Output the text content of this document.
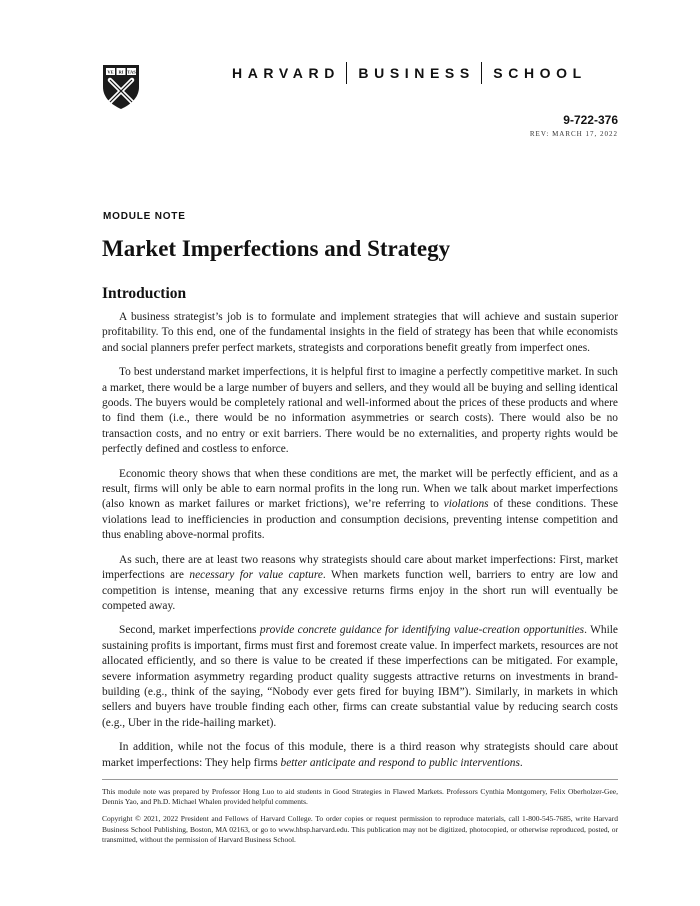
VE RI TAS	HARVARD BUSINESS SCHOOL
9-722-376
REV: MARCH 17, 2022
MODULE NOTE
Market Imperfections and Strategy
Introduction

A business strategist’s job is to formulate and implement strategies that will achieve and sustain superior profitability. To this end, one of the fundamental insights in the field of strategy has been that while economists and social planners prefer perfect markets, strategists and corporations benefit greatly from imperfect ones.

To best understand market imperfections, it is helpful first to imagine a perfectly competitive market. In such a market, there would be a large number of buyers and sellers, and they would all be buying and selling identical goods. The buyers would be completely rational and well-informed about the prices of these products and where to find them (i.e., there would be no information asymmetries or search costs). There would also be no transaction costs, and no entry or exit barriers. There would be no externalities, and property rights would be perfectly defined and costless to enforce.

Economic theory shows that when these conditions are met, the market will be perfectly efficient, and as a result, firms will only be able to earn normal profits in the long run. When we talk about market imperfections (also known as market failures or market frictions), we’re referring to violations of these conditions. These violations lead to inefficiencies in production and consumption decisions, preventing intense competition and thus enabling above-normal profits.

As such, there are at least two reasons why strategists should care about market imperfections: First, market imperfections are necessary for value capture. When markets function well, barriers to entry are low and competition is intense, meaning that any excessive returns firms enjoy in the short run will eventually be competed away.

Second, market imperfections provide concrete guidance for identifying value-creation opportunities. While sustaining profits is important, firms must first and foremost create value. In imperfect markets, resources are not allocated efficiently, and so there is value to be created if these imperfections can be mitigated. For example, severe information asymmetry regarding product quality suggests attractive returns on investments in brand-building (e.g., think of the saying, “Nobody ever gets fired for buying IBM”). Similarly, in markets in which sellers and buyers have trouble finding each other, firms can create substantial value by reducing search costs (e.g., Uber in the ride-hailing market).

In addition, while not the focus of this module, there is a third reason why strategists should care about market imperfections: They help firms better anticipate and respond to public interventions.

This module note was prepared by Professor Hong Luo to aid students in Good Strategies in Flawed Markets. Professors Cynthia Montgomery, Felix Oberholzer-Gee, Dennis Yao, and Ph.D. Michael Whalen provided helpful comments.

Copyright © 2021, 2022 President and Fellows of Harvard College. To order copies or request permission to reproduce materials, call 1-800-545-7685, write Harvard Business School Publishing, Boston, MA 02163, or go to www.hbsp.harvard.edu. This publication may not be digitized, photocopied, or otherwise reproduced, posted, or transmitted, without the permission of Harvard Business School.
